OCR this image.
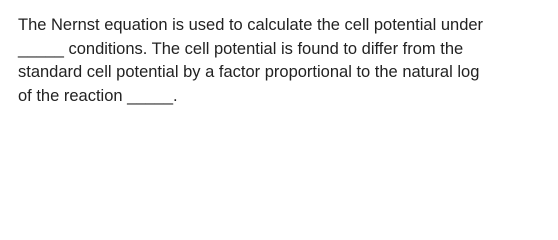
The Nernst equation is used to calculate the cell potential under
_____ conditions. The cell potential is found to differ from the
standard cell potential by a factor proportional to the natural log
of the reaction _____.
